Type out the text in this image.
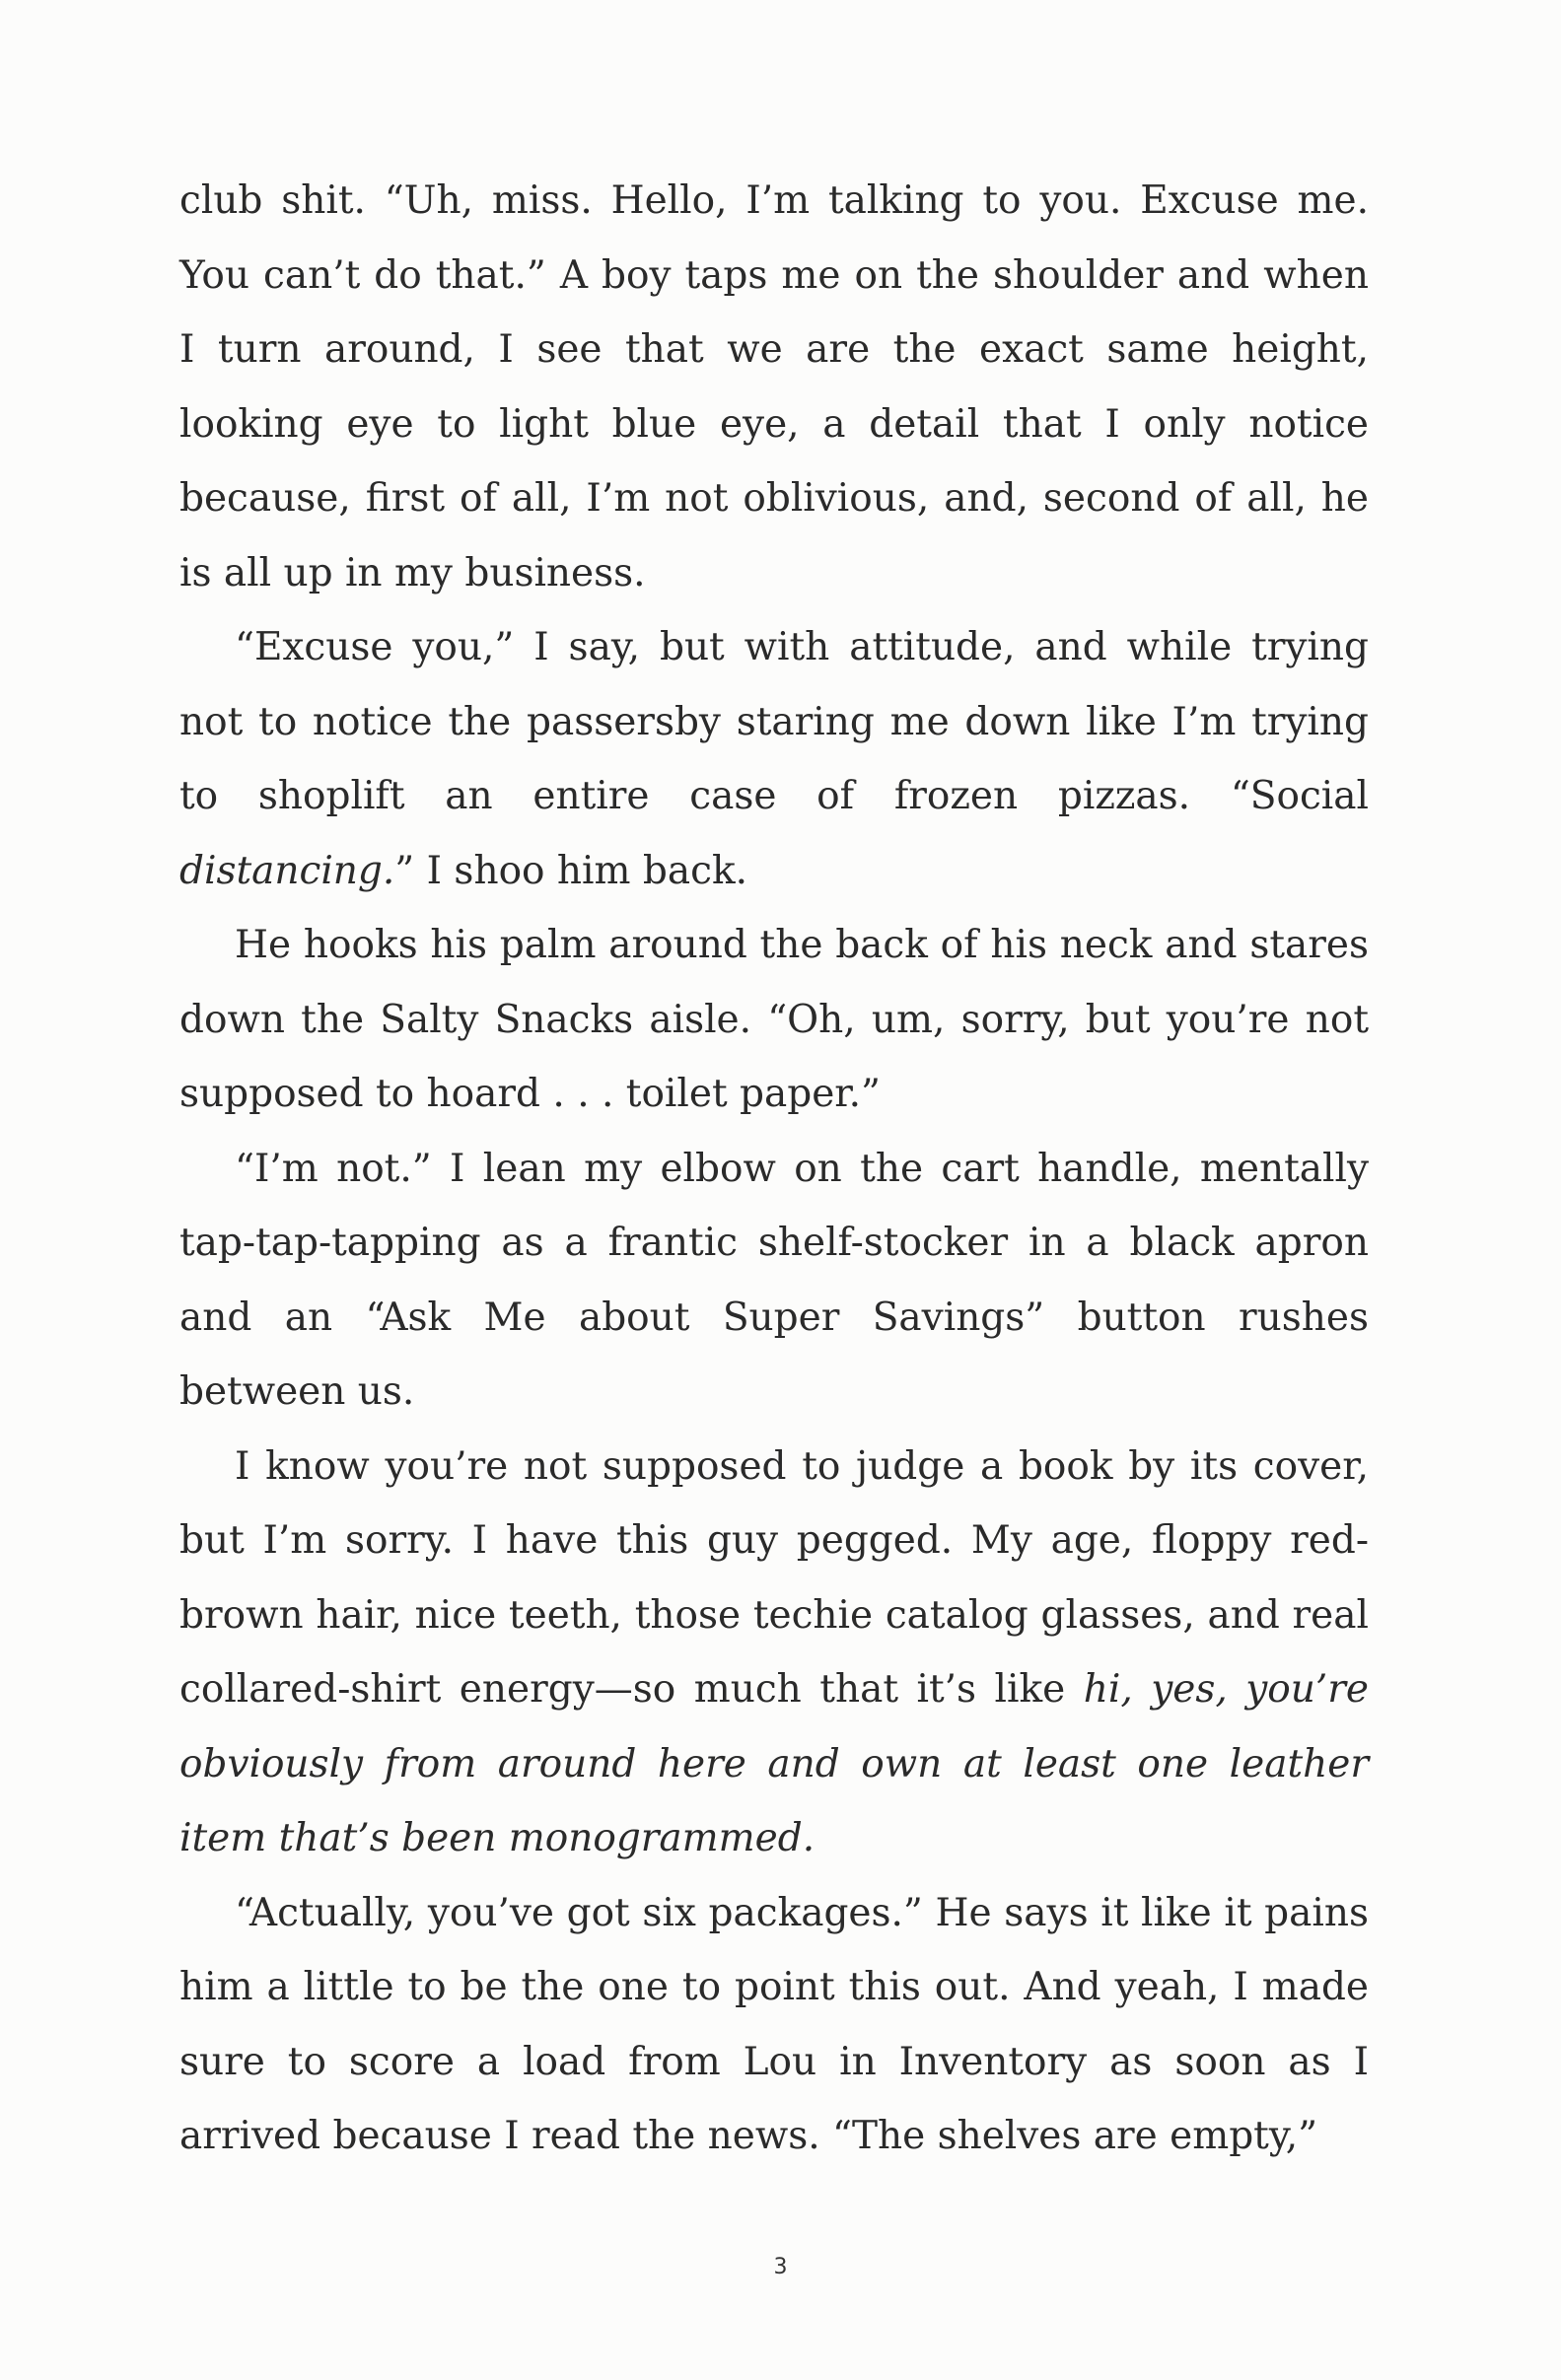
club shit. “Uh, miss. Hello, I’m talking to you. Excuse me. You can’t do that.” A boy taps me on the shoulder and when I turn around, I see that we are the exact same height, looking eye to light blue eye, a detail that I only notice because, first of all, I’m not oblivious, and, second of all, he is all up in my business.

“Excuse you,” I say, but with attitude, and while trying not to notice the passersby staring me down like I’m trying to shoplift an entire case of frozen pizzas. “Social distancing.” I shoo him back.

He hooks his palm around the back of his neck and stares down the Salty Snacks aisle. “Oh, um, sorry, but you’re not supposed to hoard . . . toilet paper.”

“I’m not.” I lean my elbow on the cart handle, mentally tap-tap-tapping as a frantic shelf-stocker in a black apron and an “Ask Me about Super Savings” button rushes between us.

I know you’re not supposed to judge a book by its cover, but I’m sorry. I have this guy pegged. My age, floppy red-brown hair, nice teeth, those techie catalog glasses, and real collared-shirt energy—so much that it’s like hi, yes, you’re obviously from around here and own at least one leather item that’s been monogrammed.

“Actually, you’ve got six packages.” He says it like it pains him a little to be the one to point this out. And yeah, I made sure to score a load from Lou in Inventory as soon as I arrived because I read the news. “The shelves are empty,”

3
